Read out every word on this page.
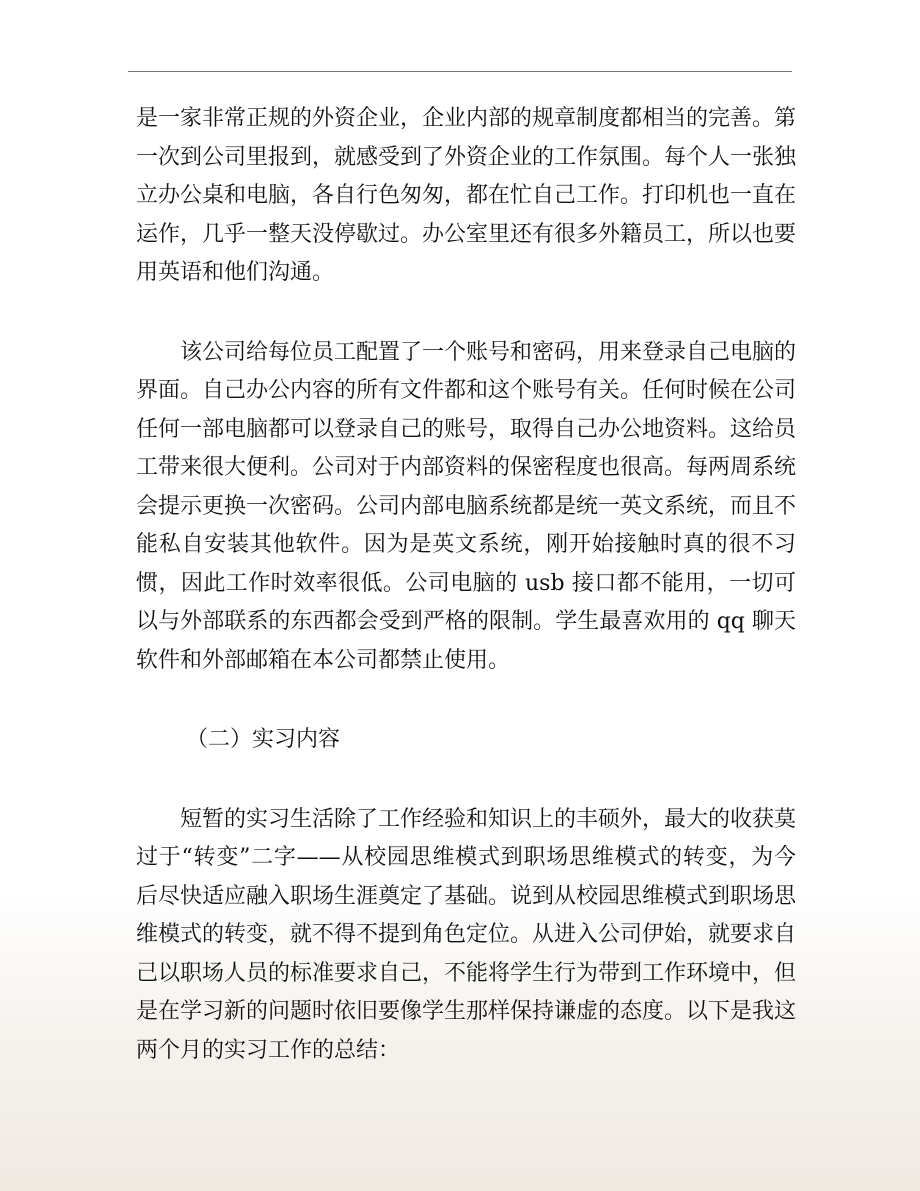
是一家非常正规的外资企业，企业内部的规章制度都相当的完善。第一次到公司里报到，就感受到了外资企业的工作氛围。每个人一张独立办公桌和电脑，各自行色匆匆，都在忙自己工作。打印机也一直在运作，几乎一整天没停歇过。办公室里还有很多外籍员工，所以也要用英语和他们沟通。

该公司给每位员工配置了一个账号和密码，用来登录自己电脑的界面。自己办公内容的所有文件都和这个账号有关。任何时候在公司任何一部电脑都可以登录自己的账号，取得自己办公地资料。这给员工带来很大便利。公司对于内部资料的保密程度也很高。每两周系统会提示更换一次密码。公司内部电脑系统都是统一英文系统，而且不能私自安装其他软件。因为是英文系统，刚开始接触时真的很不习惯，因此工作时效率很低。公司电脑的 usb 接口都不能用，一切可以与外部联系的东西都会受到严格的限制。学生最喜欢用的 qq 聊天软件和外部邮箱在本公司都禁止使用。

（二）实习内容

短暂的实习生活除了工作经验和知识上的丰硕外，最大的收获莫过于“转变”二字——从校园思维模式到职场思维模式的转变，为今后尽快适应融入职场生涯奠定了基础。说到从校园思维模式到职场思维模式的转变，就不得不提到角色定位。从进入公司伊始，就要求自己以职场人员的标准要求自己，不能将学生行为带到工作环境中，但是在学习新的问题时依旧要像学生那样保持谦虚的态度。以下是我这两个月的实习工作的总结：
